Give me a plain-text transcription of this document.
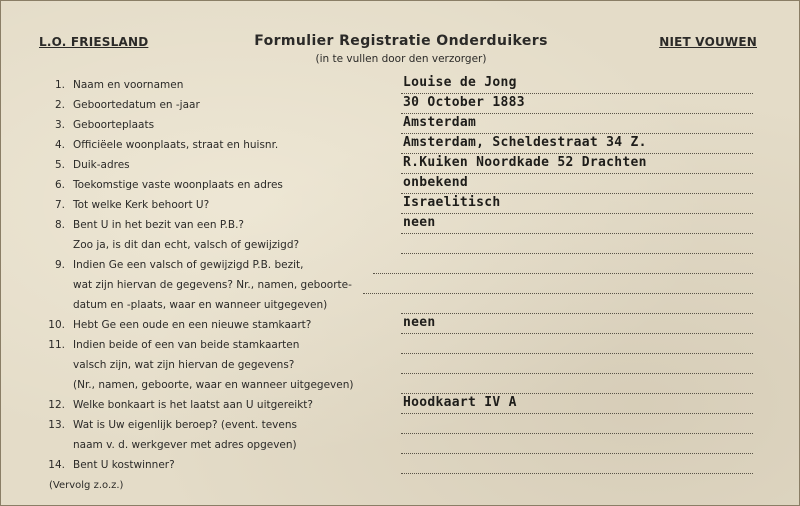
L.O. FRIESLAND	Formulier Registratie Onderduikers
(in te vullen door den verzorger)
NIET VOUWEN
1. Naam en voornamen	Louise de Jong
2. Geboortedatum en -jaar	30 October 1883
3. Geboorteplaats	Amsterdam
4. Officiëele woonplaats, straat en huisnr.	Amsterdam, Scheldestraat 34 Z.
5. Duik-adres	R.Kuiken Noordkade 52 Drachten
6. Toekomstige vaste woonplaats en adres	onbekend
7. Tot welke Kerk behoort U?	Israelitisch
8. Bent U in het bezit van een P.B.?	neen
Zoo ja, is dit dan echt, valsch of gewijzigd?
9. Indien Ge een valsch of gewijzigd P.B. bezit,
wat zijn hiervan de gegevens? Nr., namen, geboorte-
datum en -plaats, waar en wanneer uitgegeven)
10. Hebt Ge een oude en een nieuwe stamkaart?	neen
11. Indien beide of een van beide stamkaarten
valsch zijn, wat zijn hiervan de gegevens?
(Nr., namen, geboorte, waar en wanneer uitgegeven)
12. Welke bonkaart is het laatst aan U uitgereikt?	Hoodkaart IV A
13. Wat is Uw eigenlijk beroep? (event. tevens
naam v. d. werkgever met adres opgeven)
14. Bent U kostwinner?
(Vervolg z.o.z.)
